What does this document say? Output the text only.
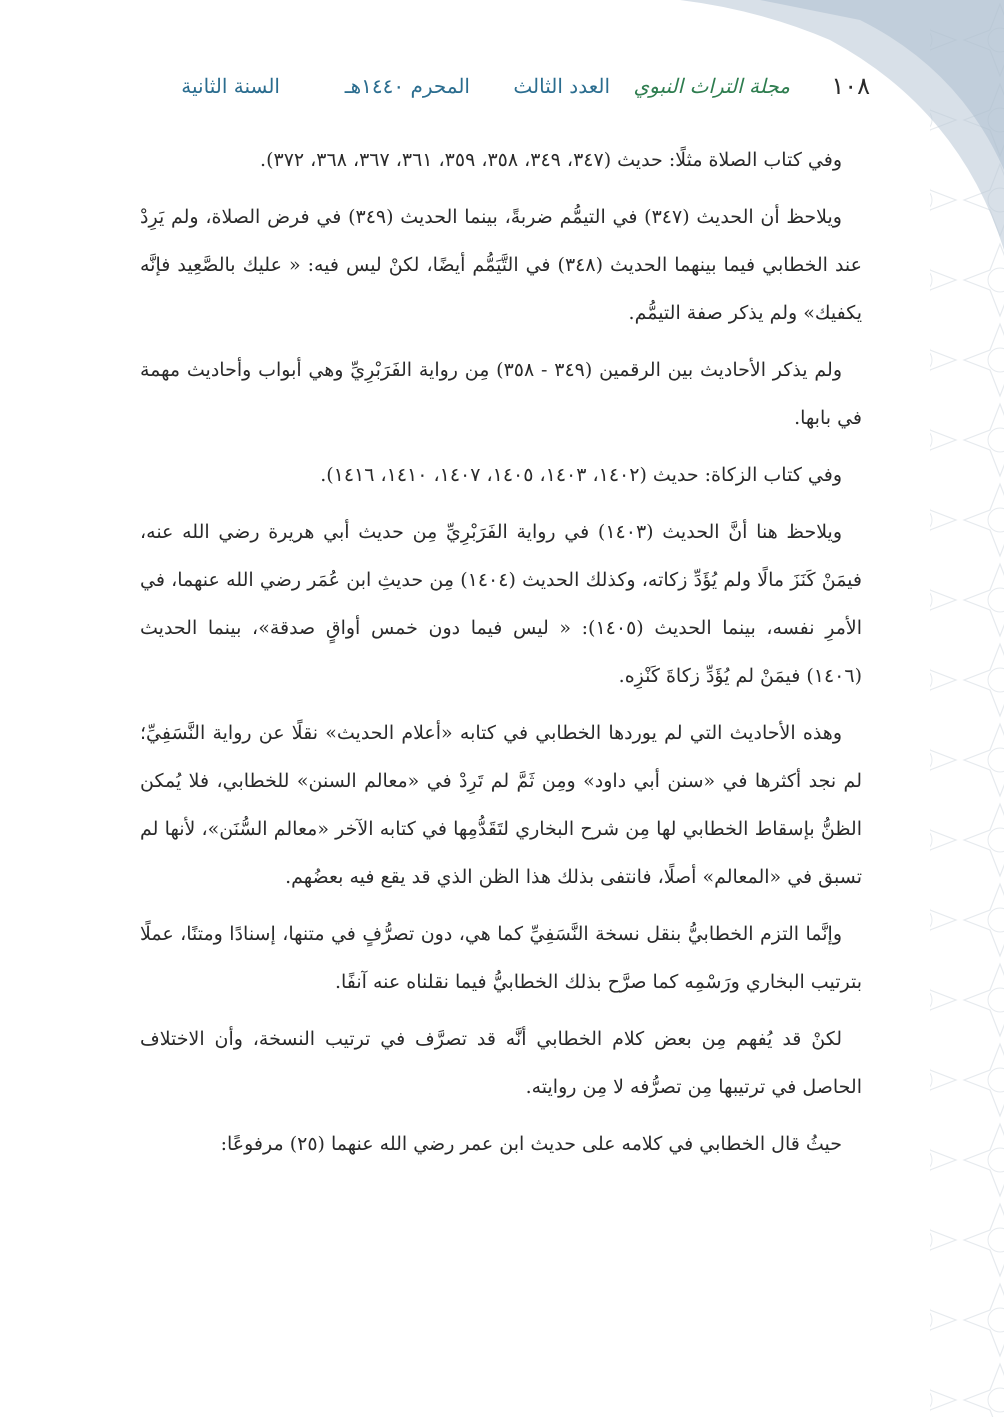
١٠٨
مجلة التراث النبوي
العدد الثالث
المحرم ١٤٤٠هـ
السنة الثانية

وفي كتاب الصلاة مثلًا: حديث (٣٤٧، ٣٤٩، ٣٥٨، ٣٥٩، ٣٦١، ٣٦٧، ٣٦٨، ٣٧٢).

ويلاحظ أن الحديث (٣٤٧) في التيمُّم ضربةً، بينما الحديث (٣٤٩) في فرض الصلاة، ولم يَرِدْ عند الخطابي فيما بينهما الحديث (٣٤٨) في التَّيَمُّم أيضًا، لكنْ ليس فيه: « عليك بالصَّعِيد فإنَّه يكفيك» ولم يذكر صفة التيمُّم.

ولم يذكر الأحاديث بين الرقمين (٣٤٩ - ٣٥٨) مِن رواية الفَرَبْرِيِّ وهي أبواب وأحاديث مهمة في بابها.

وفي كتاب الزكاة: حديث (١٤٠٢، ١٤٠٣، ١٤٠٥، ١٤٠٧، ١٤١٠، ١٤١٦).

ويلاحظ هنا أنَّ الحديث (١٤٠٣) في رواية الفَرَبْرِيِّ مِن حديث أبي هريرة رضي الله عنه، فيمَنْ كَنَزَ مالًا ولم يُؤَدِّ زكاته، وكذلك الحديث (١٤٠٤) مِن حديثِ ابن عُمَر رضي الله عنهما، في الأمرِ نفسه، بينما الحديث (١٤٠٥): « ليس فيما دون خمس أواقٍ صدقة»، بينما الحديث (١٤٠٦) فيمَنْ لم يُؤَدِّ زكاةَ كَنْزِه.

وهذه الأحاديث التي لم يوردها الخطابي في كتابه «أعلام الحديث» نقلًا عن رواية النَّسَفِيِّ؛ لم نجد أكثرها في «سنن أبي داود» ومِن ثَمَّ لم تَرِدْ في «معالم السنن» للخطابي، فلا يُمكن الظنُّ بإسقاط الخطابي لها مِن شرح البخاري لتَقَدُّمِها في كتابه الآخر «معالم السُّنَن»، لأنها لم تسبق في «المعالم» أصلًا، فانتفى بذلك هذا الظن الذي قد يقع فيه بعضُهم.

وإنَّما التزم الخطابيُّ بنقل نسخة النَّسَفِيِّ كما هي، دون تصرُّفٍ في متنها، إسنادًا ومتنًا، عملًا بترتيب البخاري ورَسْمِه كما صرَّح بذلك الخطابيُّ فيما نقلناه عنه آنفًا.

لكنْ قد يُفهم مِن بعض كلام الخطابي أنَّه قد تصرَّف في ترتيب النسخة، وأن الاختلاف الحاصل في ترتيبها مِن تصرُّفه لا مِن روايته.

حيثُ قال الخطابي في كلامه على حديث ابن عمر رضي الله عنهما (٢٥) مرفوعًا:
